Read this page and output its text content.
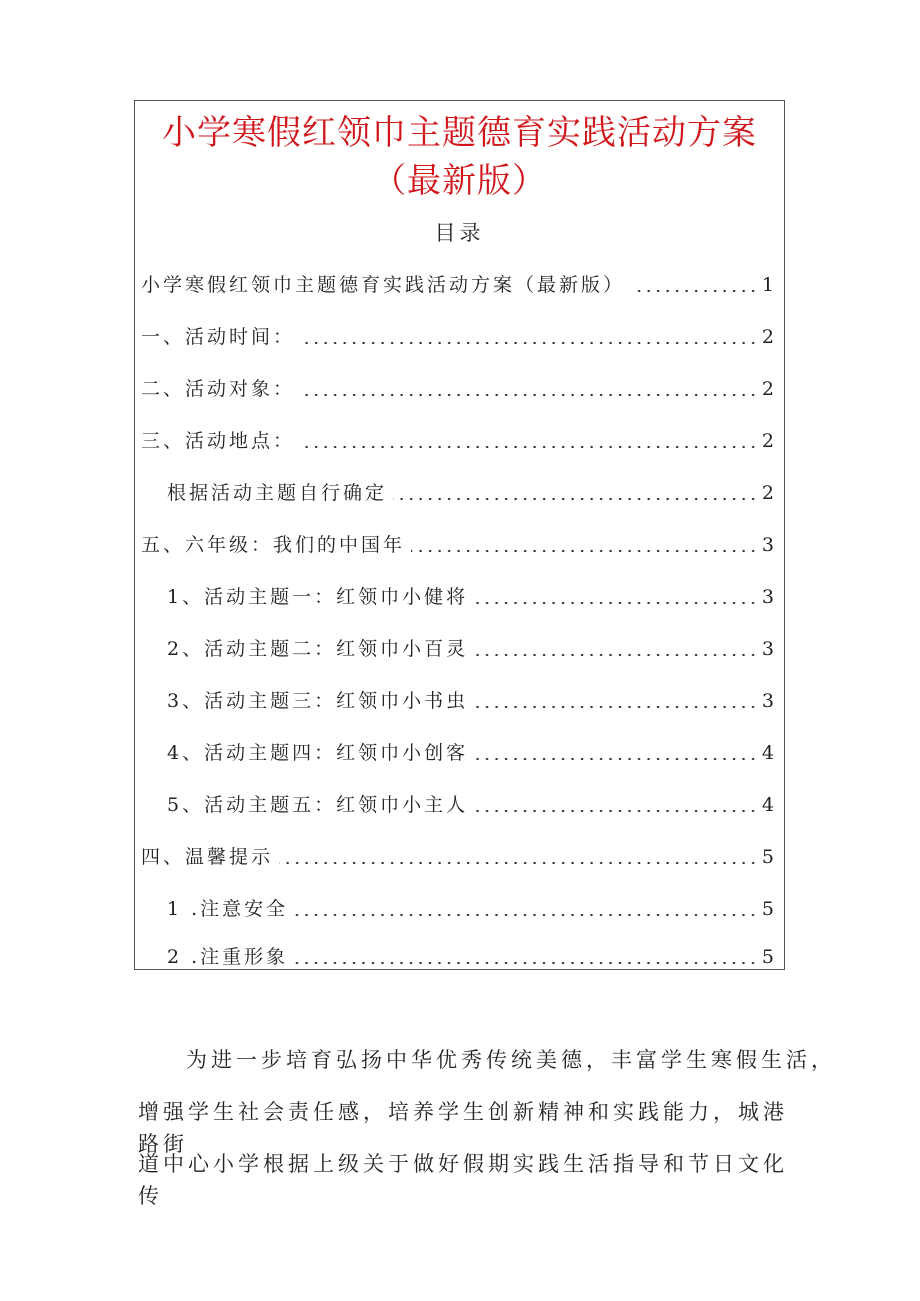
小学寒假红领巾主题德育实践活动方案
（最新版）
目录
小学寒假红领巾主题德育实践活动方案（最新版）	1
一、活动时间：	2
二、活动对象：	2
三、活动地点：	2
根据活动主题自行确定	2
五、六年级：我们的中国年	3
1、活动主题一：红领巾小健将	3
2、活动主题二：红领巾小百灵	3
3、活动主题三：红领巾小书虫	3
4、活动主题四：红领巾小创客	4
5、活动主题五：红领巾小主人	4
四、温馨提示	5
1 .注意安全	5
2 .注重形象	5
为进一步培育弘扬中华优秀传统美德，丰富学生寒假生活，
增强学生社会责任感，培养学生创新精神和实践能力，城港路街
道中心小学根据上级关于做好假期实践生活指导和节日文化传
